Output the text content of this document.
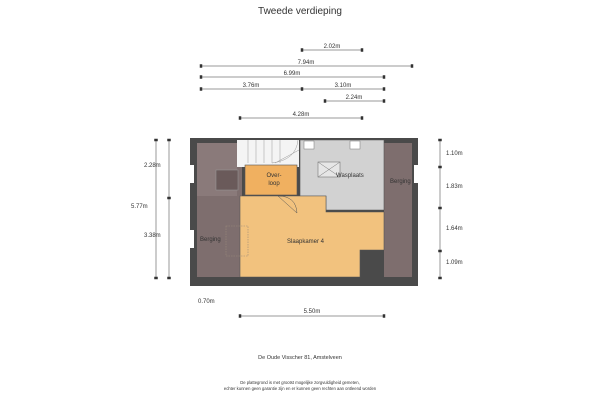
Tweede verdieping
2.02m
7.94m
6.99m
3.76m	3.10m
2.24m
4.28m
2.28m
5.77m
3.38m
1.10m
1.83m
1.64m
1.09m
5.50m
0.70m
Over-
loop
Wasplaats
Berging
Berging	Slaapkamer 4
De Oude Visscher 81, Amstelveen
De plattegrond is met grootst mogelijke zorgvuldigheid gemeten,
echter kunnen geen garantie zijn en er kunnen geen rechten aan ontleend worden
